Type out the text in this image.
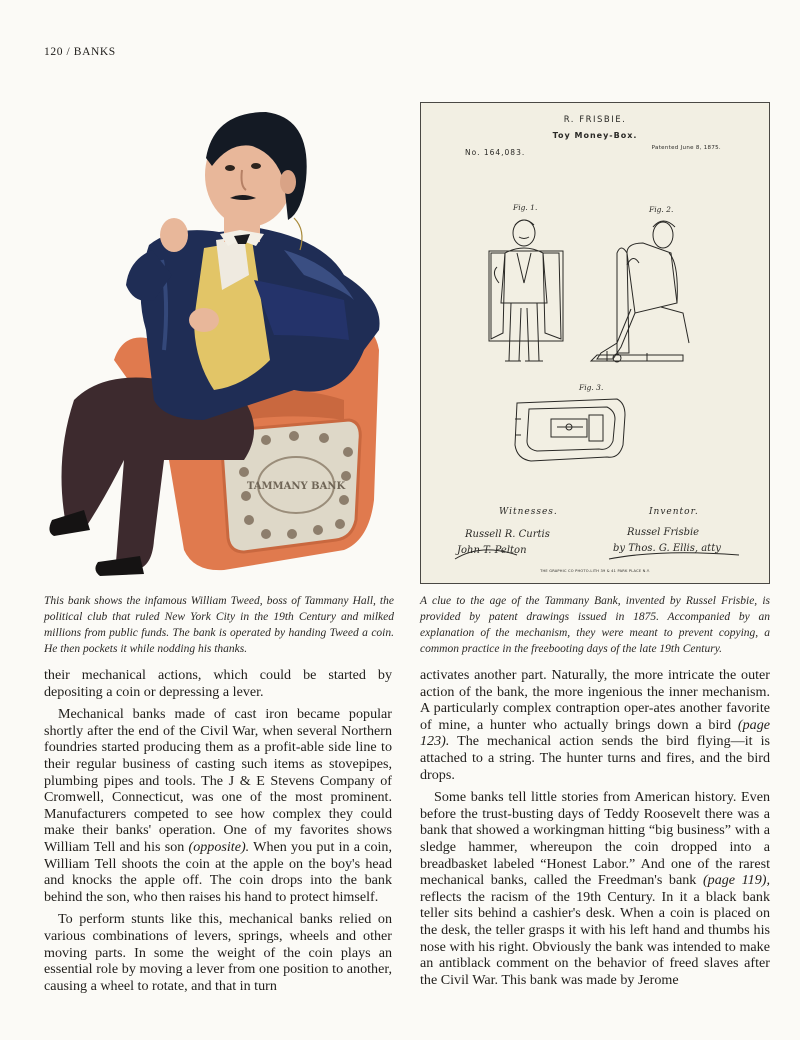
120 / BANKS
TAMMANY BANK
R. FRISBIE.
Toy Money-Box.
No. 164,083.	Patented June 8, 1875.
Fig. 1.	Fig. 2.
Fig. 3.
Witnesses.	Inventor.
Russell R. Curtis
John T. Pelton
Russel Frisbie
by Thos. G. Ellis, atty
THE GRAPHIC CO PHOTO-LITH 39 & 41 PARK PLACE N.Y.
This bank shows the infamous William Tweed, boss of Tammany Hall, the political club that ruled New York City in the 19th Century and milked millions from public funds. The bank is operated by handing Tweed a coin. He then pockets it while nodding his thanks.
A clue to the age of the Tammany Bank, invented by Russel Frisbie, is provided by patent drawings issued in 1875. Accompanied by an explanation of the mechanism, they were meant to prevent copying, a common practice in the freebooting days of the late 19th Century.

their mechanical actions, which could be started by depositing a coin or depressing a lever.

Mechanical banks made of cast iron became popular shortly after the end of the Civil War, when several Northern foundries started producing them as a profit-able side line to their regular business of casting such items as stovepipes, plumbing pipes and tools. The J & E Stevens Company of Cromwell, Connecticut, was one of the most prominent. Manufacturers competed to see how complex they could make their banks' operation. One of my favorites shows William Tell and his son (opposite). When you put in a coin, William Tell shoots the coin at the apple on the boy's head and knocks the apple off. The coin drops into the bank behind the son, who then raises his hand to protect himself.

To perform stunts like this, mechanical banks relied on various combinations of levers, springs, wheels and other moving parts. In some the weight of the coin plays an essential role by moving a lever from one position to another, causing a wheel to rotate, and that in turn

activates another part. Naturally, the more intricate the outer action of the bank, the more ingenious the inner mechanism. A particularly complex contraption oper-ates another favorite of mine, a hunter who actually brings down a bird (page 123). The mechanical action sends the bird flying—it is attached to a string. The hunter turns and fires, and the bird drops.

Some banks tell little stories from American history. Even before the trust-busting days of Teddy Roosevelt there was a bank that showed a workingman hitting “big business” with a sledge hammer, whereupon the coin dropped into a breadbasket labeled “Honest Labor.” And one of the rarest mechanical banks, called the Freedman's bank (page 119), reflects the racism of the 19th Century. In it a black bank teller sits behind a cashier's desk. When a coin is placed on the desk, the teller grasps it with his left hand and thumbs his nose with his right. Obviously the bank was intended to make an antiblack comment on the behavior of freed slaves after the Civil War. This bank was made by Jerome
